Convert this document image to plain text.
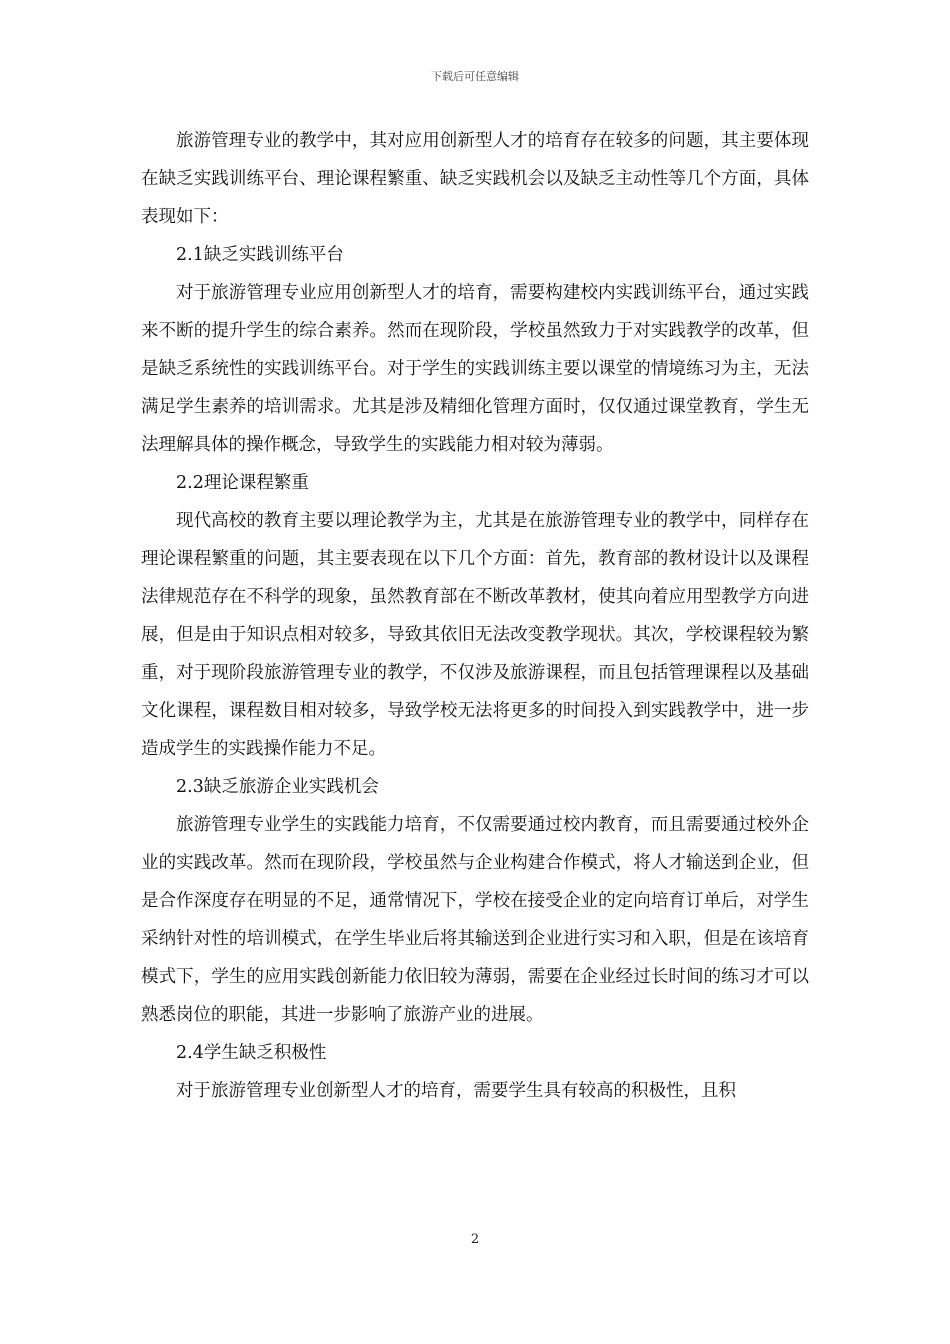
下载后可任意编辑

旅游管理专业的教学中，其对应用创新型人才的培育存在较多的问题，其主要体现在缺乏实践训练平台、理论课程繁重、缺乏实践机会以及缺乏主动性等几个方面，具体表现如下：

2.1缺乏实践训练平台

对于旅游管理专业应用创新型人才的培育，需要构建校内实践训练平台，通过实践来不断的提升学生的综合素养。然而在现阶段，学校虽然致力于对实践教学的改革，但是缺乏系统性的实践训练平台。对于学生的实践训练主要以课堂的情境练习为主，无法满足学生素养的培训需求。尤其是涉及精细化管理方面时，仅仅通过课堂教育，学生无法理解具体的操作概念，导致学生的实践能力相对较为薄弱。

2.2理论课程繁重

现代高校的教育主要以理论教学为主，尤其是在旅游管理专业的教学中，同样存在理论课程繁重的问题，其主要表现在以下几个方面：首先，教育部的教材设计以及课程法律规范存在不科学的现象，虽然教育部在不断改革教材，使其向着应用型教学方向进展，但是由于知识点相对较多，导致其依旧无法改变教学现状。其次，学校课程较为繁重，对于现阶段旅游管理专业的教学，不仅涉及旅游课程，而且包括管理课程以及基础文化课程，课程数目相对较多，导致学校无法将更多的时间投入到实践教学中，进一步造成学生的实践操作能力不足。

2.3缺乏旅游企业实践机会

旅游管理专业学生的实践能力培育，不仅需要通过校内教育，而且需要通过校外企业的实践改革。然而在现阶段，学校虽然与企业构建合作模式，将人才输送到企业，但是合作深度存在明显的不足，通常情况下，学校在接受企业的定向培育订单后，对学生采纳针对性的培训模式，在学生毕业后将其输送到企业进行实习和入职，但是在该培育模式下，学生的应用实践创新能力依旧较为薄弱，需要在企业经过长时间的练习才可以熟悉岗位的职能，其进一步影响了旅游产业的进展。

2.4学生缺乏积极性

对于旅游管理专业创新型人才的培育，需要学生具有较高的积极性，且积

2
